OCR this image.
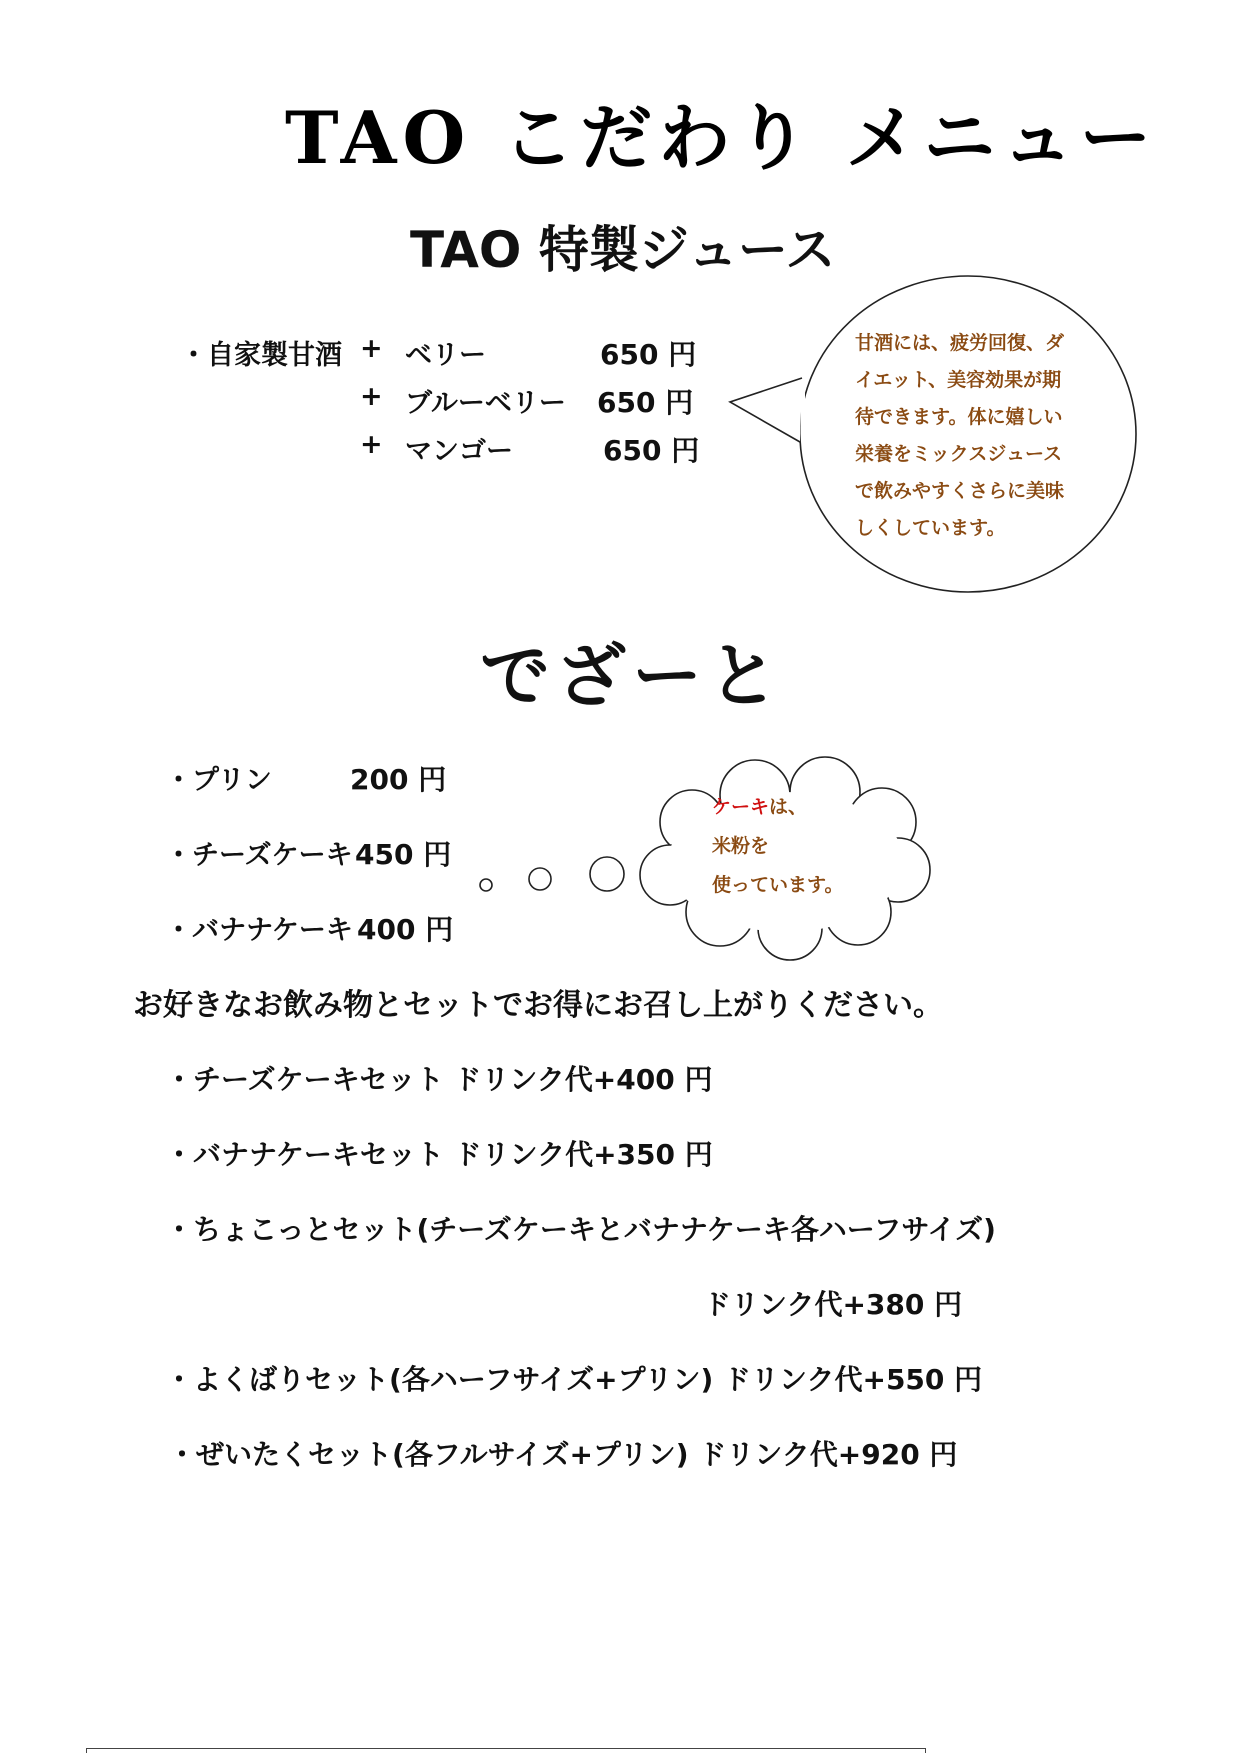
TAO こだわり メニュー
TAO 特製ジュース
・自家製甘酒 + ベリー	650 円
+ ブルーベリー 650 円
+ マンゴー	650 円
甘酒には、疲労回復、ダ
イエット、美容効果が期
待できます。体に嬉しい
栄養をミックスジュース
で飲みやすくさらに美味
しくしています。
でざーと
・プリン	200 円
・チーズケーキ 450 円
・バナナケーキ 400 円
ケーキは、
米粉を
使っています。
お好きなお飲み物とセットでお得にお召し上がりください。
・チーズケーキセット ドリンク代+400 円
・バナナケーキセット ドリンク代+350 円
・ちょこっとセット(チーズケーキとバナナケーキ各ハーフサイズ)
ドリンク代+380 円
・よくばりセット(各ハーフサイズ+プリン) ドリンク代+550 円
・ぜいたくセット(各フルサイズ+プリン) ドリンク代+920 円
